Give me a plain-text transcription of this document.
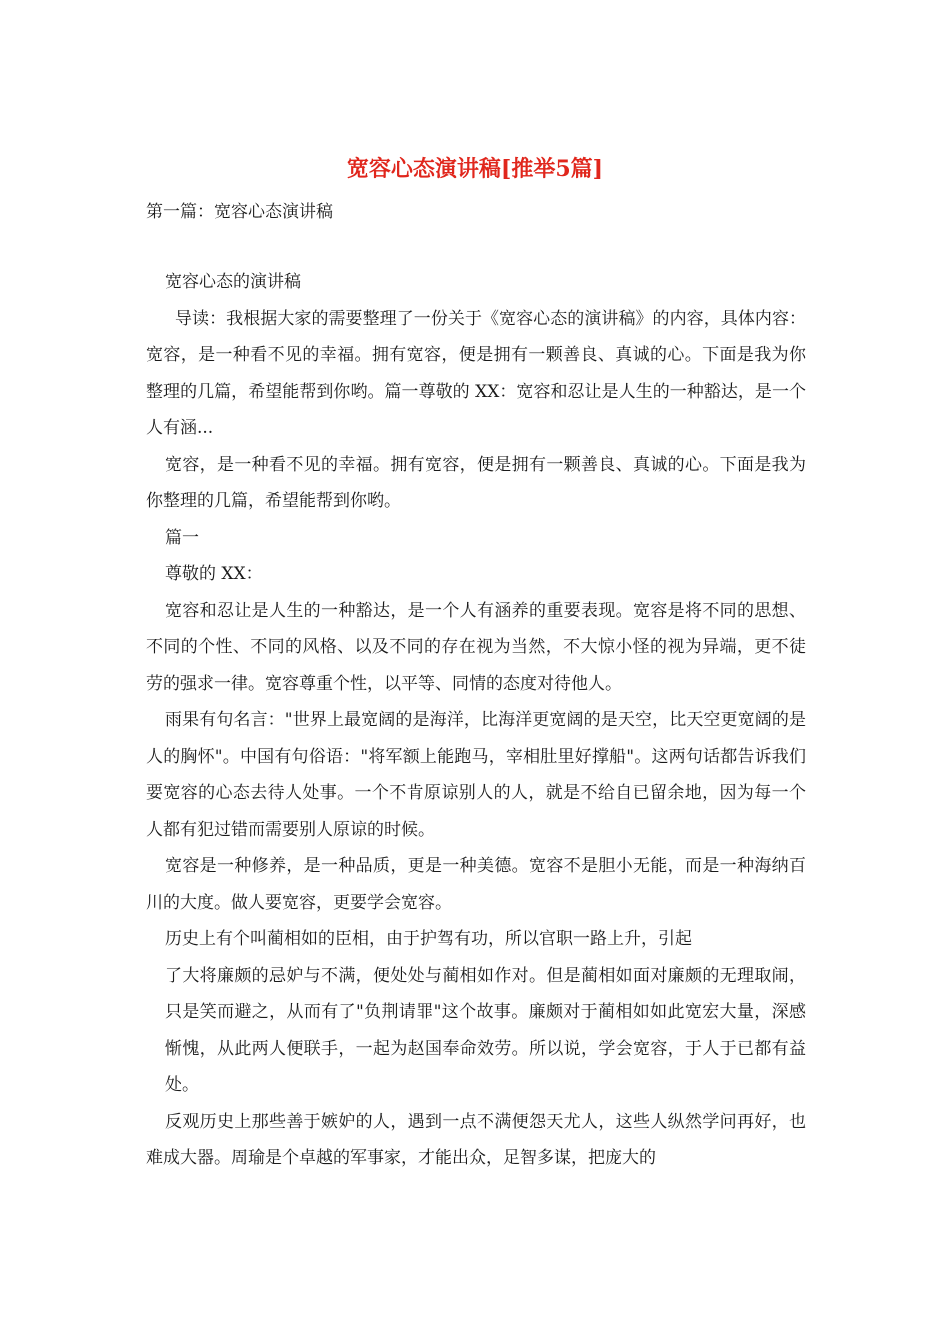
宽容心态演讲稿[推举5篇]

第一篇：宽容心态演讲稿

宽容心态的演讲稿

导读：我根据大家的需要整理了一份关于《宽容心态的演讲稿》的内容，具体内容：宽容，是一种看不见的幸福。拥有宽容，便是拥有一颗善良、真诚的心。下面是我为你整理的几篇，希望能帮到你哟。篇一尊敬的 XX：宽容和忍让是人生的一种豁达，是一个人有涵...

宽容，是一种看不见的幸福。拥有宽容，便是拥有一颗善良、真诚的心。下面是我为你整理的几篇，希望能帮到你哟。

篇一

尊敬的 XX：

宽容和忍让是人生的一种豁达，是一个人有涵养的重要表现。宽容是将不同的思想、不同的个性、不同的风格、以及不同的存在视为当然，不大惊小怪的视为异端，更不徒劳的强求一律。宽容尊重个性，以平等、同情的态度对待他人。

雨果有句名言："世界上最宽阔的是海洋，比海洋更宽阔的是天空，比天空更宽阔的是人的胸怀"。中国有句俗语："将军额上能跑马，宰相肚里好撑船"。这两句话都告诉我们要宽容的心态去待人处事。一个不肯原谅别人的人，就是不给自已留余地，因为每一个人都有犯过错而需要别人原谅的时候。

宽容是一种修养，是一种品质，更是一种美德。宽容不是胆小无能，而是一种海纳百川的大度。做人要宽容，更要学会宽容。

历史上有个叫蔺相如的臣相，由于护驾有功，所以官职一路上升，引起

了大将廉颇的忌妒与不满，便处处与蔺相如作对。但是蔺相如面对廉颇的无理取闹，只是笑而避之，从而有了"负荆请罪"这个故事。廉颇对于蔺相如如此宽宏大量，深感惭愧，从此两人便联手，一起为赵国奉命效劳。所以说，学会宽容，于人于已都有益处。

反观历史上那些善于嫉妒的人，遇到一点不满便怨天尤人，这些人纵然学问再好，也难成大器。周瑜是个卓越的军事家，才能出众，足智多谋，把庞大的
